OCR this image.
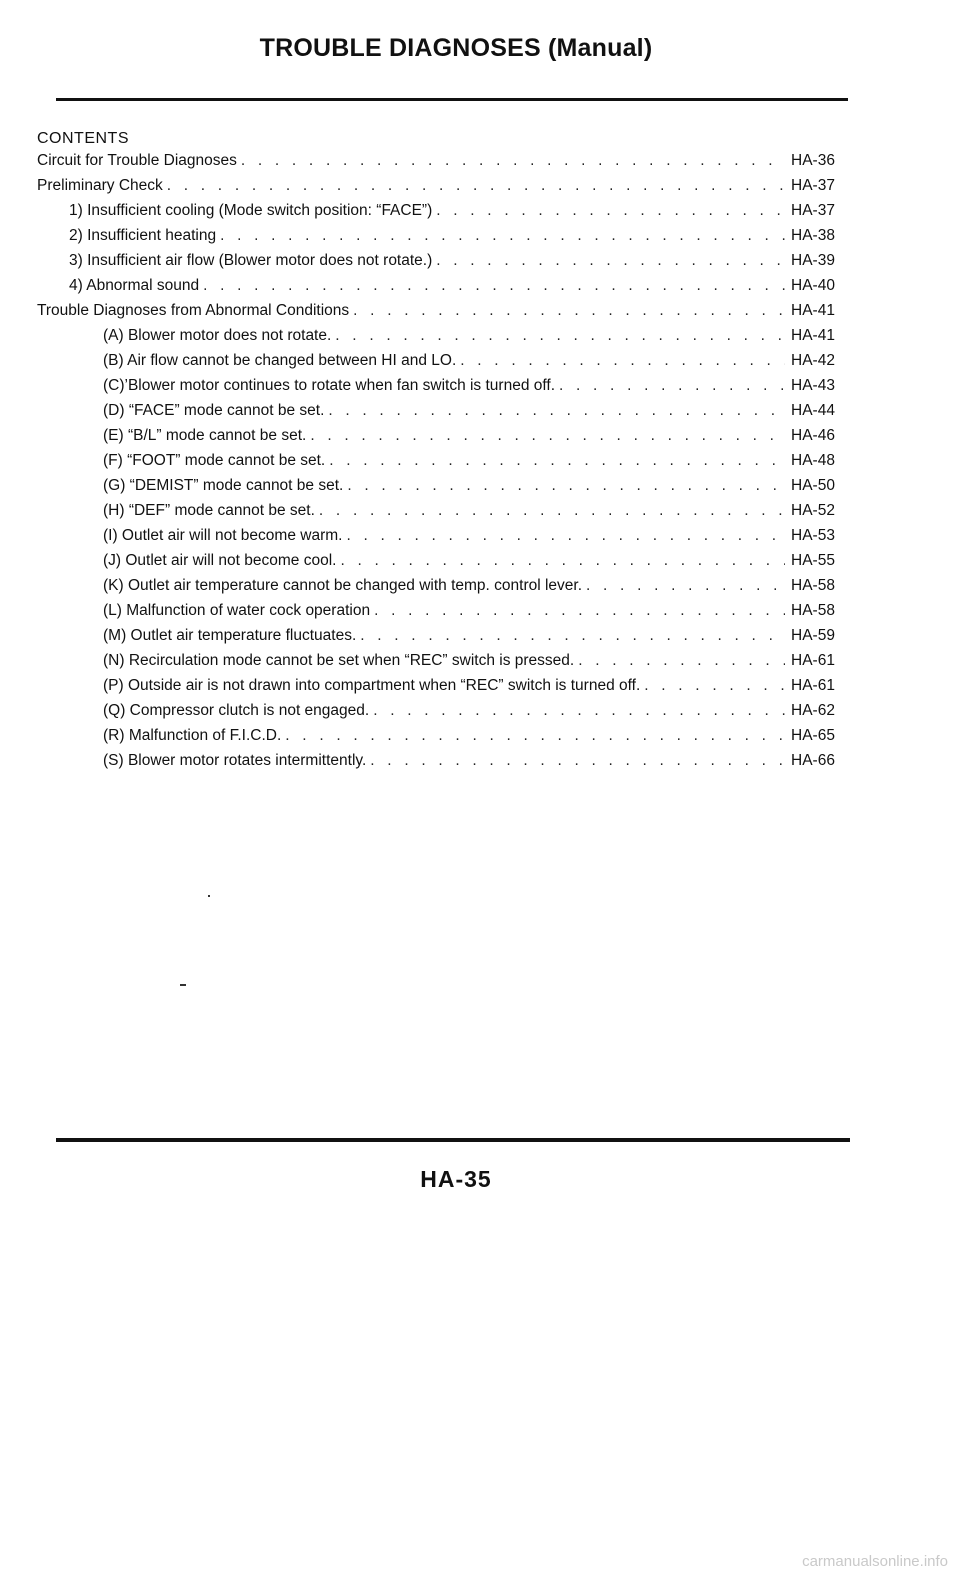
TROUBLE DIAGNOSES (Manual)
CONTENTS
Circuit for Trouble Diagnoses . . .	HA-36
Preliminary Check . . .	HA-37
1) Insufficient cooling (Mode switch position: “FACE”) . . .	HA-37
2) Insufficient heating . . .	HA-38
3) Insufficient air flow (Blower motor does not rotate.) . . .	HA-39
4) Abnormal sound . . .	HA-40
Trouble Diagnoses from Abnormal Conditions . . .	HA-41
(A) Blower motor does not rotate. . . .	HA-41
(B) Air flow cannot be changed between HI and LO. . . .	HA-42
(C)’Blower motor continues to rotate when fan switch is turned off. . . .	HA-43
(D) “FACE” mode cannot be set. . . .	HA-44
(E) “B/L” mode cannot be set. . . .	HA-46
(F) “FOOT” mode cannot be set. . . .	HA-48
(G) “DEMIST” mode cannot be set. . . .	HA-50
(H) “DEF” mode cannot be set. . . .	HA-52
(I) Outlet air will not become warm. . . .	HA-53
(J) Outlet air will not become cool. . . .	HA-55
(K) Outlet air temperature cannot be changed with temp. control lever. . . .	HA-58
(L) Malfunction of water cock operation . . .	HA-58
(M) Outlet air temperature fluctuates. . . .	HA-59
(N) Recirculation mode cannot be set when “REC” switch is pressed. . . .	HA-61
(P) Outside air is not drawn into compartment when “REC” switch is turned off. . . .	HA-61
(Q) Compressor clutch is not engaged. . . .	HA-62
(R) Malfunction of F.I.C.D. . . .	HA-65
(S) Blower motor rotates intermittently. . . .	HA-66
HA-35
carmanualsonline.info
